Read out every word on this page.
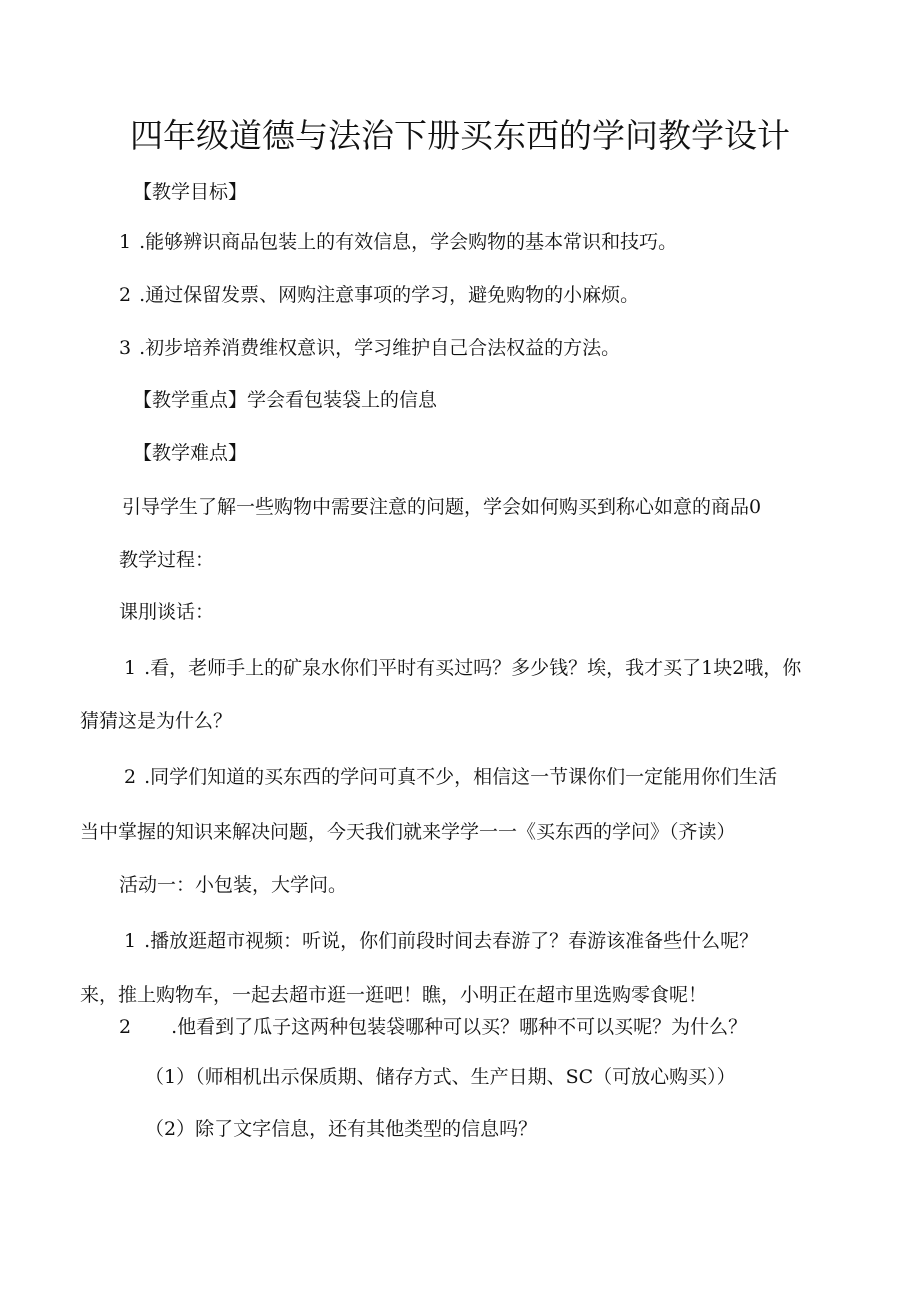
四年级道德与法治下册买东西的学问教学设计
【教学目标】
1 .能够辨识商品包装上的有效信息，学会购物的基本常识和技巧。
2 .通过保留发票、网购注意事项的学习，避免购物的小麻烦。
3 .初步培养消费维权意识，学习维护自己合法权益的方法。
【教学重点】学会看包装袋上的信息
【教学难点】
引导学生了解一些购物中需要注意的问题，学会如何购买到称心如意的商品0
教学过程：
课刖谈话：
1 .看，老师手上的矿泉水你们平时有买过吗？多少钱？埃，我才买了1块2哦，你
猜猜这是为什么？
2 .同学们知道的买东西的学问可真不少，相信这一节课你们一定能用你们生活
当中掌握的知识来解决问题，今天我们就来学学一一《买东西的学问》（齐读）
活动一：小包装，大学问。
1 .播放逛超市视频：听说，你们前段时间去春游了？春游该准备些什么呢？
来，推上购物车，一起去超市逛一逛吧！瞧，小明正在超市里选购零食呢！
2 .他看到了瓜子这两种包装袋哪种可以买？哪种不可以买呢？为什么？
（1）（师相机出示保质期、储存方式、生产日期、SC（可放心购买））
（2）除了文字信息，还有其他类型的信息吗？
